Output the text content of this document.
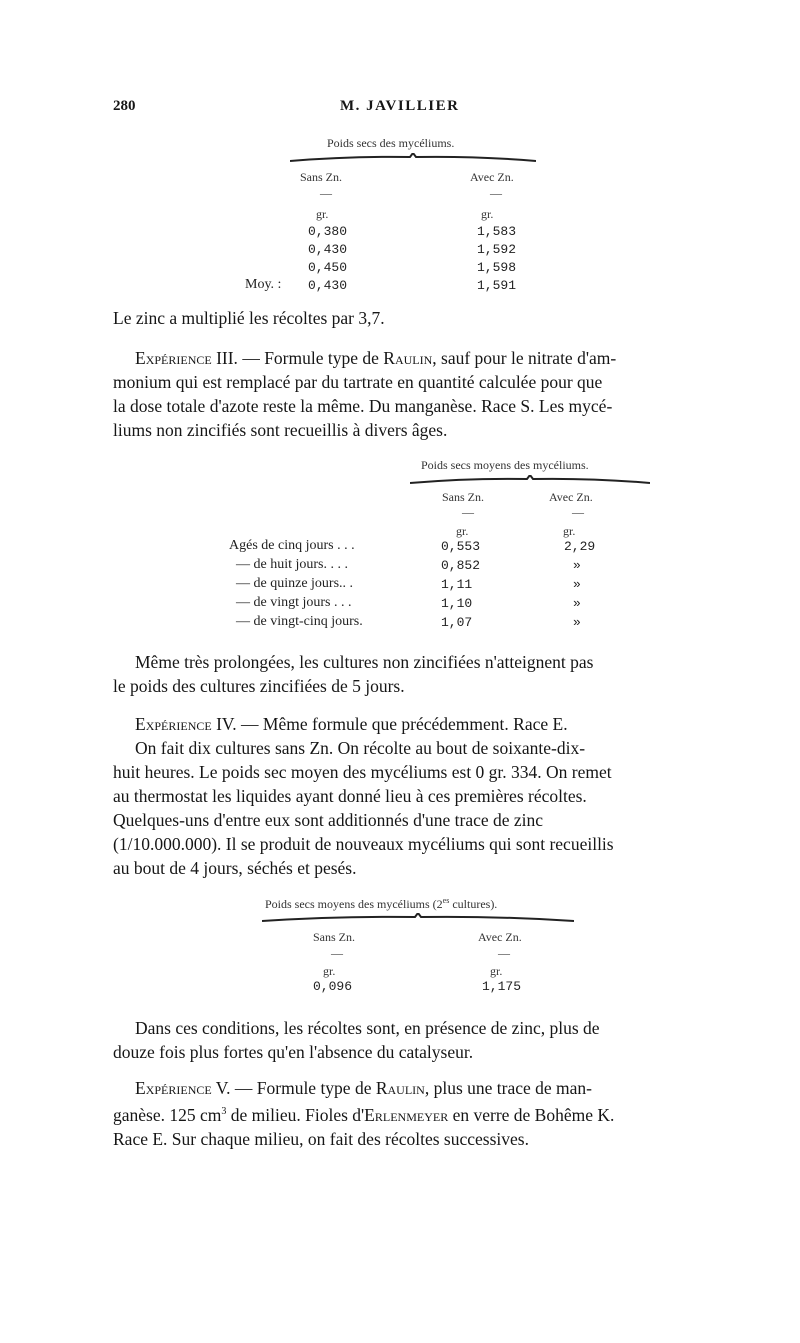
280	M. JAVILLIER
Poids secs des mycéliums.
Sans Zn.	Avec Zn.
—	—
gr.	gr.
0,380	1,583
0,430	1,592
0,450	1,598
Moy. : 0,430	1,591
Le zinc a multiplié les récoltes par 3,7.
Expérience III. — Formule type de Raulin, sauf pour le nitrate d'am-
monium qui est remplacé par du tartrate en quantité calculée pour que
la dose totale d'azote reste la même. Du manganèse. Race S. Les mycé-
liums non zincifiés sont recueillis à divers âges.
Poids secs moyens des mycéliums.
Sans Zn.	Avec Zn.
—	—
gr.	gr.
Agés de cinq jours . . .	0,553	2,29
— de huit jours. . . .	0,852	»
— de quinze jours.. .	1,11	»
— de vingt jours . . .	1,10	»
— de vingt-cinq jours.	1,07	»
Même très prolongées, les cultures non zincifiées n'atteignent pas
le poids des cultures zincifiées de 5 jours.
Expérience IV. — Même formule que précédemment. Race E.
On fait dix cultures sans Zn. On récolte au bout de soixante-dix-
huit heures. Le poids sec moyen des mycéliums est 0 gr. 334. On remet
au thermostat les liquides ayant donné lieu à ces premières récoltes.
Quelques-uns d'entre eux sont additionnés d'une trace de zinc
(1/10.000.000). Il se produit de nouveaux mycéliums qui sont recueillis
au bout de 4 jours, séchés et pesés.
Poids secs moyens des mycéliums ($2^{es}$ cultures).
Sans Zn.	Avec Zn.
—	—
gr.	gr.
0,096	1,175
Dans ces conditions, les récoltes sont, en présence de zinc, plus de
douze fois plus fortes qu'en l'absence du catalyseur.
Expérience V. — Formule type de Raulin, plus une trace de man-
ganèse. 125 $cm^3$ de milieu. Fioles d'Erlenmeyer en verre de Bohême K.
Race E. Sur chaque milieu, on fait des récoltes successives.
